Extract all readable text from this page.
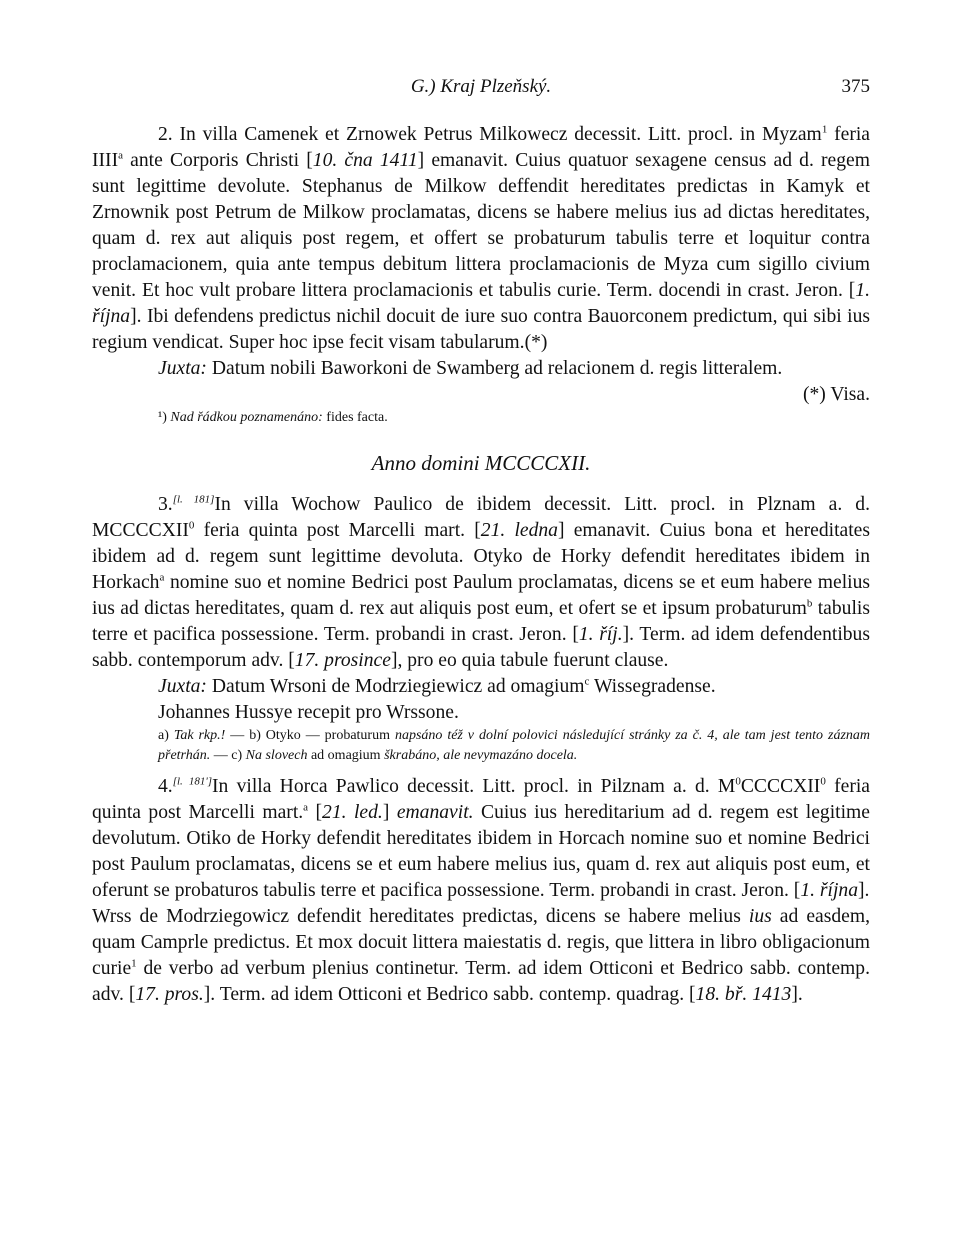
G.) Kraj Plzeňský.	375

2. In villa Camenek et Zrnowek Petrus Milkowecz decessit. Litt. procl. in Myzam$^1$ feria IIII$^a$ ante Corporis Christi [10. čna 1411] emanavit. Cuius quatuor sexagene census ad d. regem sunt legittime devolute. Stephanus de Milkow deffendit hereditates predictas in Kamyk et Zrnownik post Petrum de Milkow proclamatas, dicens se habere melius ius ad dictas hereditates, quam d. rex aut aliquis post regem, et offert se probaturum tabulis terre et loquitur contra proclamacionem, quia ante tempus debitum littera proclamacionis de Myza cum sigillo civium venit. Et hoc vult probare littera proclamacionis et tabulis curie. Term. docendi in crast. Jeron. [1. října]. Ibi defendens predictus nichil docuit de iure suo contra Bauorconem predictum, qui sibi ius regium vendicat. Super hoc ipse fecit visam tabularum.(*)

Juxta: Datum nobili Baworkoni de Swamberg ad relacionem d. regis litteralem.

(*) Visa.

¹) Nad řádkou poznamenáno: fides facta.

Anno domini MCCCCXII.

3.[l. 181]In villa Wochow Paulico de ibidem decessit. Litt. procl. in Plznam a. d. MCCCCXII$^0$ feria quinta post Marcelli mart. [21. ledna] emanavit. Cuius bona et hereditates ibidem ad d. regem sunt legittime devoluta. Otyko de Horky defendit hereditates ibidem in Horkach$^a$ nomine suo et nomine Bedrici post Paulum proclamatas, dicens se et eum habere melius ius ad dictas hereditates, quam d. rex aut aliquis post eum, et ofert se et ipsum probaturum$^b$ tabulis terre et pacifica possessione. Term. probandi in crast. Jeron. [1. říj.]. Term. ad idem defendentibus sabb. contemporum adv. [17. prosince], pro eo quia tabule fuerunt clause.

Juxta: Datum Wrsoni de Modrziegiewicz ad omagium$^c$ Wissegradense.

Johannes Hussye recepit pro Wrssone.

a) Tak rkp.! — b) Otyko — probaturum napsáno též v dolní polovici následující stránky za č. 4, ale tam jest tento záznam přetrhán. — c) Na slovech ad omagium škrabáno, ale nevymazáno docela.

4.[l. 181']In villa Horca Pawlico decessit. Litt. procl. in Pilznam a. d. $M^0CCCCXII^0$ feria quinta post Marcelli mart.$^a$ [21. led.] emanavit. Cuius ius hereditarium ad d. regem est legitime devolutum. Otiko de Horky defendit hereditates ibidem in Horcach nomine suo et nomine Bedrici post Paulum proclamatas, dicens se et eum habere melius ius, quam d. rex aut aliquis post eum, et oferunt se probaturos tabulis terre et pacifica possessione. Term. probandi in crast. Jeron. [1. října].

Wrss de Modrziegowicz defendit hereditates predictas, dicens se habere melius ius ad easdem, quam Camprle predictus. Et mox docuit littera maiestatis d. regis, que littera in libro obligacionum curie$^1$ de verbo ad verbum plenius continetur. Term. ad idem Otticoni et Bedrico sabb. contemp. adv. [17. pros.]. Term. ad idem Otticoni et Bedrico sabb. contemp. quadrag. [18. bř. 1413].
